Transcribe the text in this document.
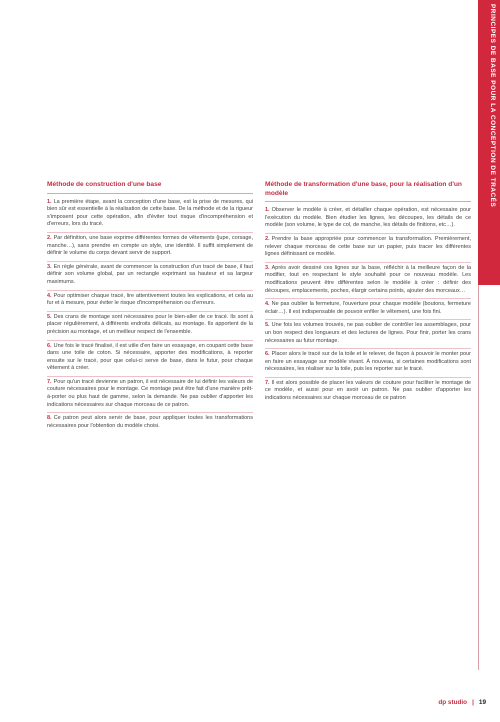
PRINCIPES DE BASE POUR LA CONCEPTION DE TRACÉS
Méthode de construction d'une base
1. La première étape, avant la conception d'une base, est la prise de mesures, qui bien sûr est essentielle à la réalisation de cette base. De la méthode et de la rigueur s'imposent pour cette opération, afin d'éviter tout risque d'incompréhension et d'erreurs, lors du tracé.
2. Par définition, une base exprime différentes formes de vêtements (jupe, corsage, manche…), sans prendre en compte un style, une identité. Il suffit simplement de définir le volume du corps devant servir de support.
3. En règle générale, avant de commencer la construction d'un tracé de base, il faut définir son volume global, par un rectangle exprimant sa hauteur et sa largeur maximums.
4. Pour optimiser chaque tracé, lire attentivement toutes les explications, et cela au fur et à mesure, pour éviter le risque d'incompréhension ou d'erreurs.
5. Des crans de montage sont nécessaires pour le bien-aller de ce tracé. Ils sont à placer régulièrement, à différents endroits délicats, au montage. Ils apportent de la précision au montage, et un meilleur respect de l'ensemble.
6. Une fois le tracé finalisé, il est utile d'en faire un essayage, en coupant cette base dans une toile de coton. Si nécessaire, apporter des modifications, à reporter ensuite sur le tracé, pour que celui-ci serve de base, dans le futur, pour chaque vêtement à créer.
7. Pour qu'un tracé devienne un patron, il est nécessaire de lui définir les valeurs de couture nécessaires pour le montage. Ce montage peut être fait d'une manière prêt-à-porter ou plus haut de gamme, selon la demande. Ne pas oublier d'apporter les indications nécessaires sur chaque morceau de ce patron.
8. Ce patron peut alors servir de base, pour appliquer toutes les transformations nécessaires pour l'obtention du modèle choisi.
Méthode de transformation d'une base, pour la réalisation d'un modèle
1. Observer le modèle à créer, et détailler chaque opération, est nécessaire pour l'exécution du modèle. Bien étudier les lignes, les découpes, les détails de ce modèle (son volume, le type de col, de manche, les détails de finitions, etc…).
2. Prendre la base appropriée pour commencer la transformation. Premièrement, relever chaque morceau de cette base sur un papier, puis tracer les différentes lignes définissant ce modèle.
3. Après avoir dessiné ces lignes sur la base, réfléchir à la meilleure façon de la modifier, tout en respectant le style souhaité pour ce nouveau modèle. Les modifications peuvent être différentes selon le modèle à créer : définir des découpes, emplacements, poches, élargir certains points, ajouter des morceaux…
4. Ne pas oublier la fermeture, l'ouverture pour chaque modèle (boutons, fermeture éclair…). Il est indispensable de pouvoir enfiler le vêtement, une fois fini.
5. Une fois les volumes trouvés, ne pas oublier de contrôler les assemblages, pour un bon respect des longueurs et des lectures de lignes. Pour finir, porter les crans nécessaires au futur montage.
6. Placer alors le tracé sur de la toile et le relever, de façon à pouvoir le monter pour en faire un essayage sur modèle vivant. À nouveau, si certaines modifications sont nécessaires, les réaliser sur la toile, puis les reporter sur le tracé.
7. Il est alors possible de placer les valeurs de couture pour faciliter le montage de ce modèle, et aussi pour en avoir un patron. Ne pas oublier d'apporter les indications nécessaires sur chaque morceau de ce patron
dp studio | 19
